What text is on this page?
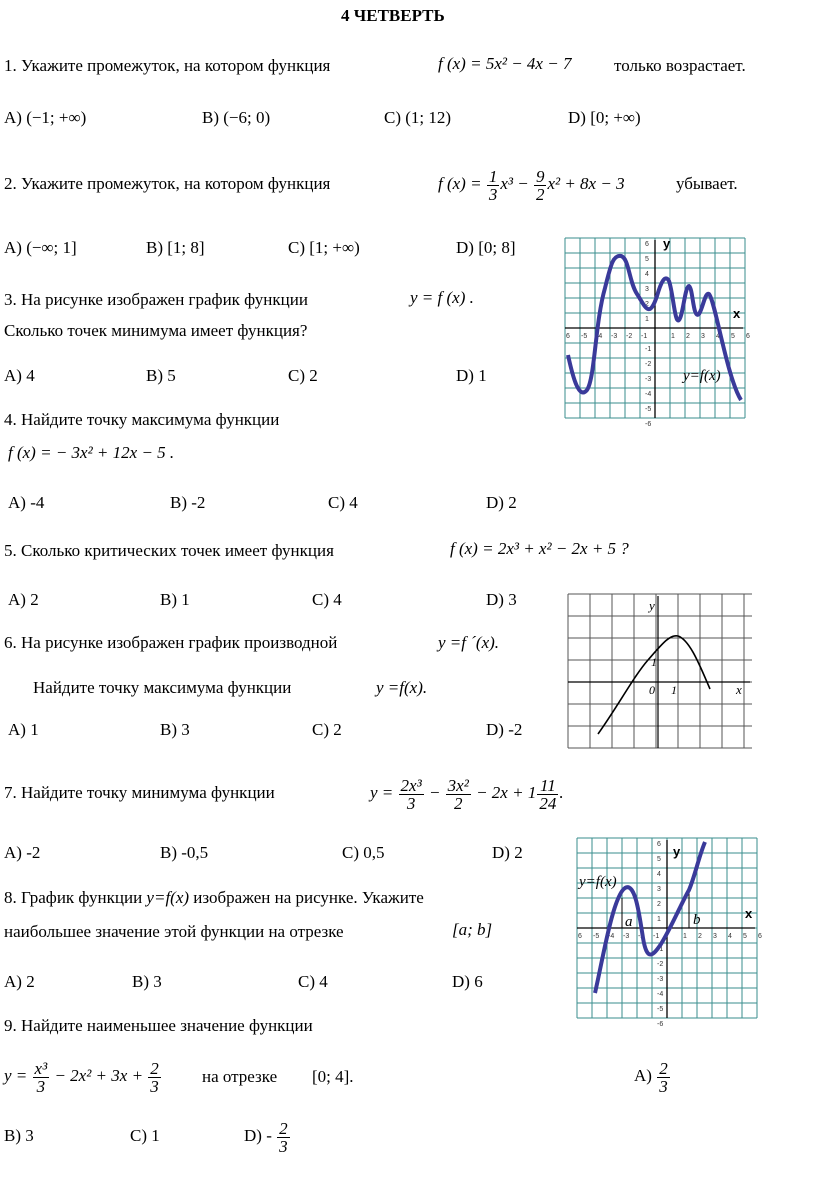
4 ЧЕТВЕРТЬ
1. Укажите промежуток, на котором функция	f (x) = 5x² − 4x − 7	только возрастает.
A) (−1; +∞)	B) (−6; 0)	C) (1; 12)	D) [0; +∞)
2. Укажите промежуток, на котором функция	f $(x) = \frac{1}{3} x^3 - \frac{9}{2} x^2 + 8x - 3$	убывает.
A) (−∞; 1]	B) [1; 8]	C) [1; +∞)	D) [0; 8]
3. На рисунке изображен график функции	y = f (x) .
Сколько точек минимума имеет функция?
A) 4	B) 5	C) 2	D) 1
6 -5 -4 -3 -2 -1	1 2 3 4 5 6
6
5
4
3
2
1
-1
-2
-3
-4
-5
-6
y
x
y=f(x)
4. Найдите точку максимума функции
f (x) = − 3x² + 12x − 5 .
A) -4	B) -2	C) 4	D) 2
5. Сколько критических точек имеет функция	f (x) = 2x³ + x² − 2x + 5 ?
A) 2	B) 1	C) 4	D) 3
6. На рисунке изображен график производной	y =f ´(x).
Найдите точку максимума функции	y =f(x).
A) 1	B) 3	C) 2	D) -2
y
x
1
0 1
7. Найдите точку минимума функции	$y = \frac{\text{2x³}}{3} - \frac{\text{3x²}}{2} - 2x + 1 \frac{11}{24}$ .
A) -2	B) -0,5	C) 0,5	D) 2
8. График функции y=f(x) изображен на рисунке. Укажите
наибольшее значение этой функции на отрезке	[a; b]
A) 2	B) 3	C) 4	D) 6
6 -5 -4 -3 -2 -1	1 2 3 4 5 6
6
5
4
3
2
1
-1
-2
-3
-4
-5
-6
y
x
y=f(x)
a	b
9. Найдите наименьшее значение функции
$y = \frac{\text{x³}}{3} - 2x^2 + 3x + \frac{2}{3}$ на отрезке [0; 4].	$A) \frac{2}{3}$
B) 3	C) 1	$D) - \frac{2}{3}$
